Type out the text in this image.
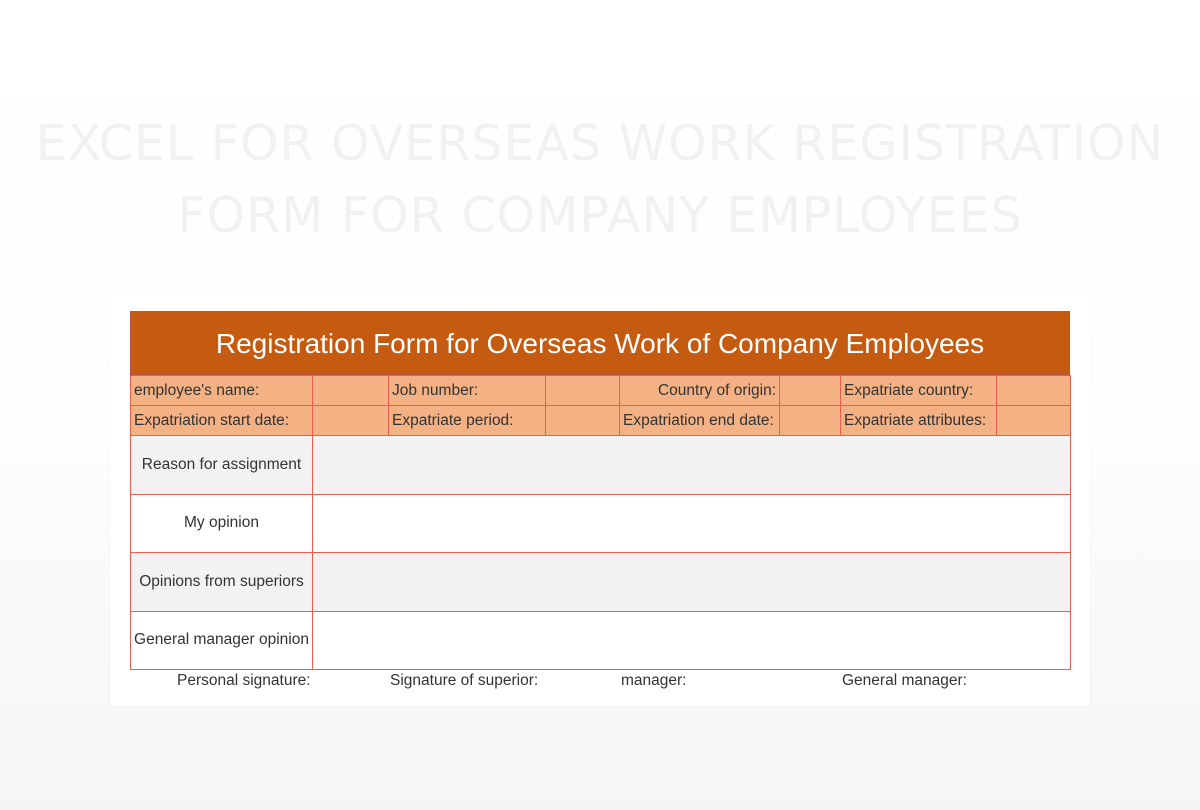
EXCEL FOR OVERSEAS WORK REGISTRATION
FORM FOR COMPANY EMPLOYEES
Registration Form for Overseas Work of Company Employees
employee's name:		Job number:		Country of origin:		Expatriate country:	
Expatriation start date:		Expatriate period:		Expatriation end date:		Expatriate attributes:	
Reason for assignment							
My opinion							
Opinions from superiors							
General manager opinion							
Personal signature:	Signature of superior:	manager:	General manager:
